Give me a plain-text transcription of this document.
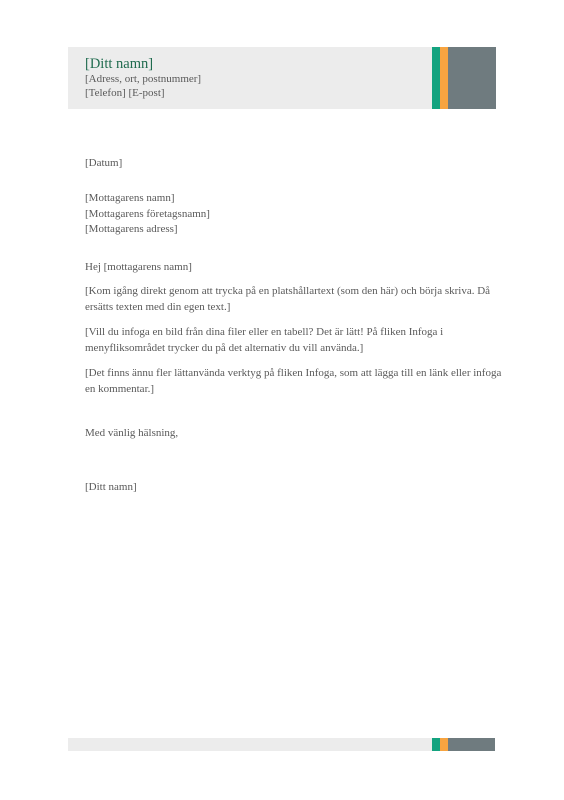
[Ditt namn]
[Adress, ort, postnummer]
[Telefon] [E-post]
[Datum]
[Mottagarens namn]
[Mottagarens företagsnamn]
[Mottagarens adress]
Hej [mottagarens namn]
[Kom igång direkt genom att trycka på en platshållartext (som den här) och börja skriva. Då ersätts texten med din egen text.]
[Vill du infoga en bild från dina filer eller en tabell? Det är lätt! På fliken Infoga i menyfliksområdet trycker du på det alternativ du vill använda.]
[Det finns ännu fler lättanvända verktyg på fliken Infoga, som att lägga till en länk eller infoga en kommentar.]
Med vänlig hälsning,
[Ditt namn]
